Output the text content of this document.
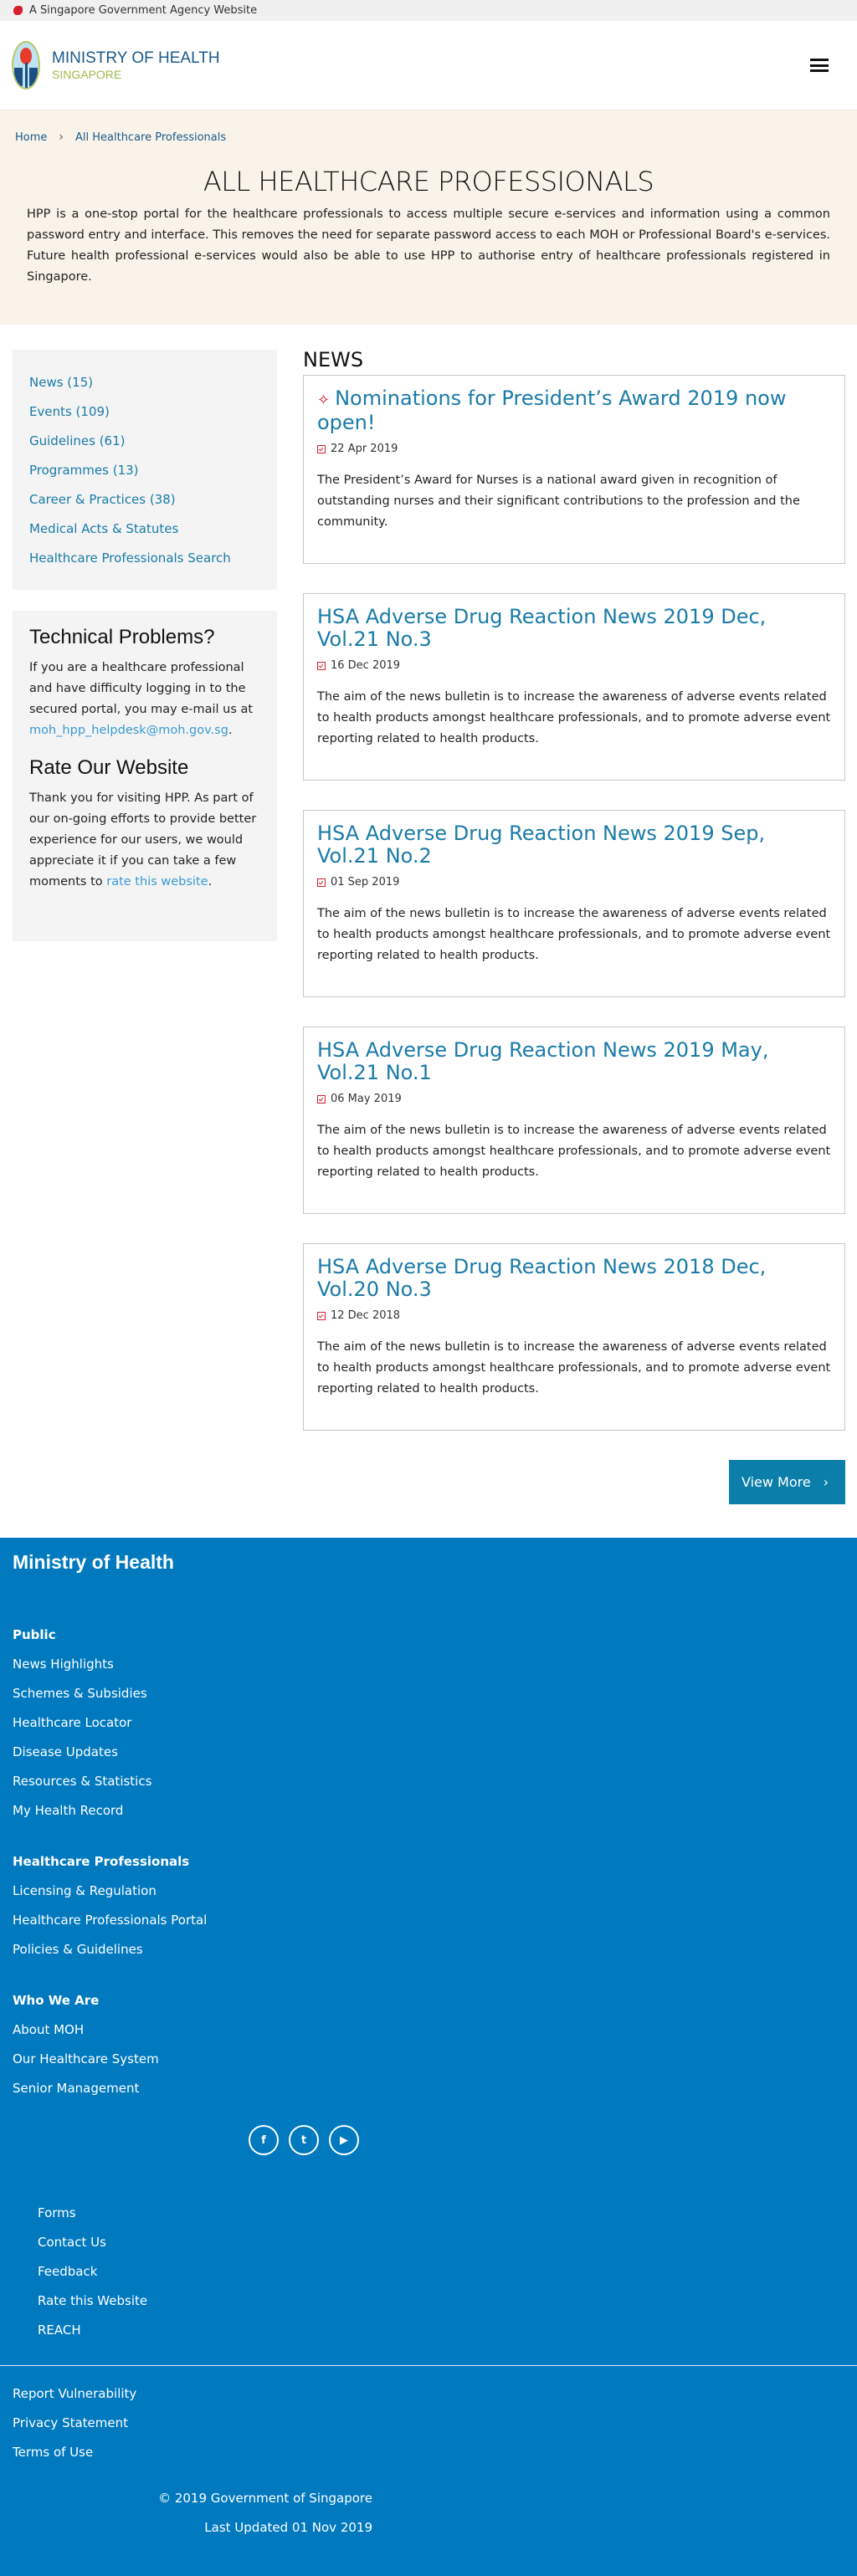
A Singapore Government Agency Website
MINISTRY OF HEALTH
SINGAPORE
Home › All Healthcare Professionals
ALL HEALTHCARE PROFESSIONALS

HPP is a one-stop portal for the healthcare professionals to access multiple secure e-services and information using a common password entry and interface. This removes the need for separate password access to each MOH or Professional Board's e-services. Future health professional e-services would also be able to use HPP to authorise entry of healthcare professionals registered in Singapore.

News (15)
Events (109)
Guidelines (61)
Programmes (13)
Career & Practices (38)
Medical Acts & Statutes
Healthcare Professionals Search
Technical Problems?

If you are a healthcare professional and have difficulty logging in to the secured portal, you may e-mail us at moh_hpp_helpdesk@moh.gov.sg.

Rate Our Website

Thank you for visiting HPP. As part of our on-going efforts to provide better experience for our users, we would appreciate it if you can take a few moments to rate this website.

NEWS
✧ Nominations for President’s Award 2019 now open!
22 Apr 2019
The President’s Award for Nurses is a national award given in recognition of outstanding nurses and their significant contributions to the profession and the community.
HSA Adverse Drug Reaction News 2019 Dec, Vol.21 No.3
16 Dec 2019
The aim of the news bulletin is to increase the awareness of adverse events related to health products amongst healthcare professionals, and to promote adverse event reporting related to health products.
HSA Adverse Drug Reaction News 2019 Sep, Vol.21 No.2
01 Sep 2019
The aim of the news bulletin is to increase the awareness of adverse events related to health products amongst healthcare professionals, and to promote adverse event reporting related to health products.
HSA Adverse Drug Reaction News 2019 May, Vol.21 No.1
06 May 2019
The aim of the news bulletin is to increase the awareness of adverse events related to health products amongst healthcare professionals, and to promote adverse event reporting related to health products.
HSA Adverse Drug Reaction News 2018 Dec, Vol.20 No.3
12 Dec 2018
The aim of the news bulletin is to increase the awareness of adverse events related to health products amongst healthcare professionals, and to promote adverse event reporting related to health products.
View More ›
Ministry of Health
Public
News Highlights
Schemes & Subsidies
Healthcare Locator
Disease Updates
Resources & Statistics
My Health Record
Healthcare Professionals
Licensing & Regulation
Healthcare Professionals Portal
Policies & Guidelines
Who We Are
About MOH
Our Healthcare System
Senior Management
f	t	▶
Forms
Contact Us
Feedback
Rate this Website
REACH
Report Vulnerability
Privacy Statement
Terms of Use
© 2019 Government of Singapore
Last Updated 01 Nov 2019
